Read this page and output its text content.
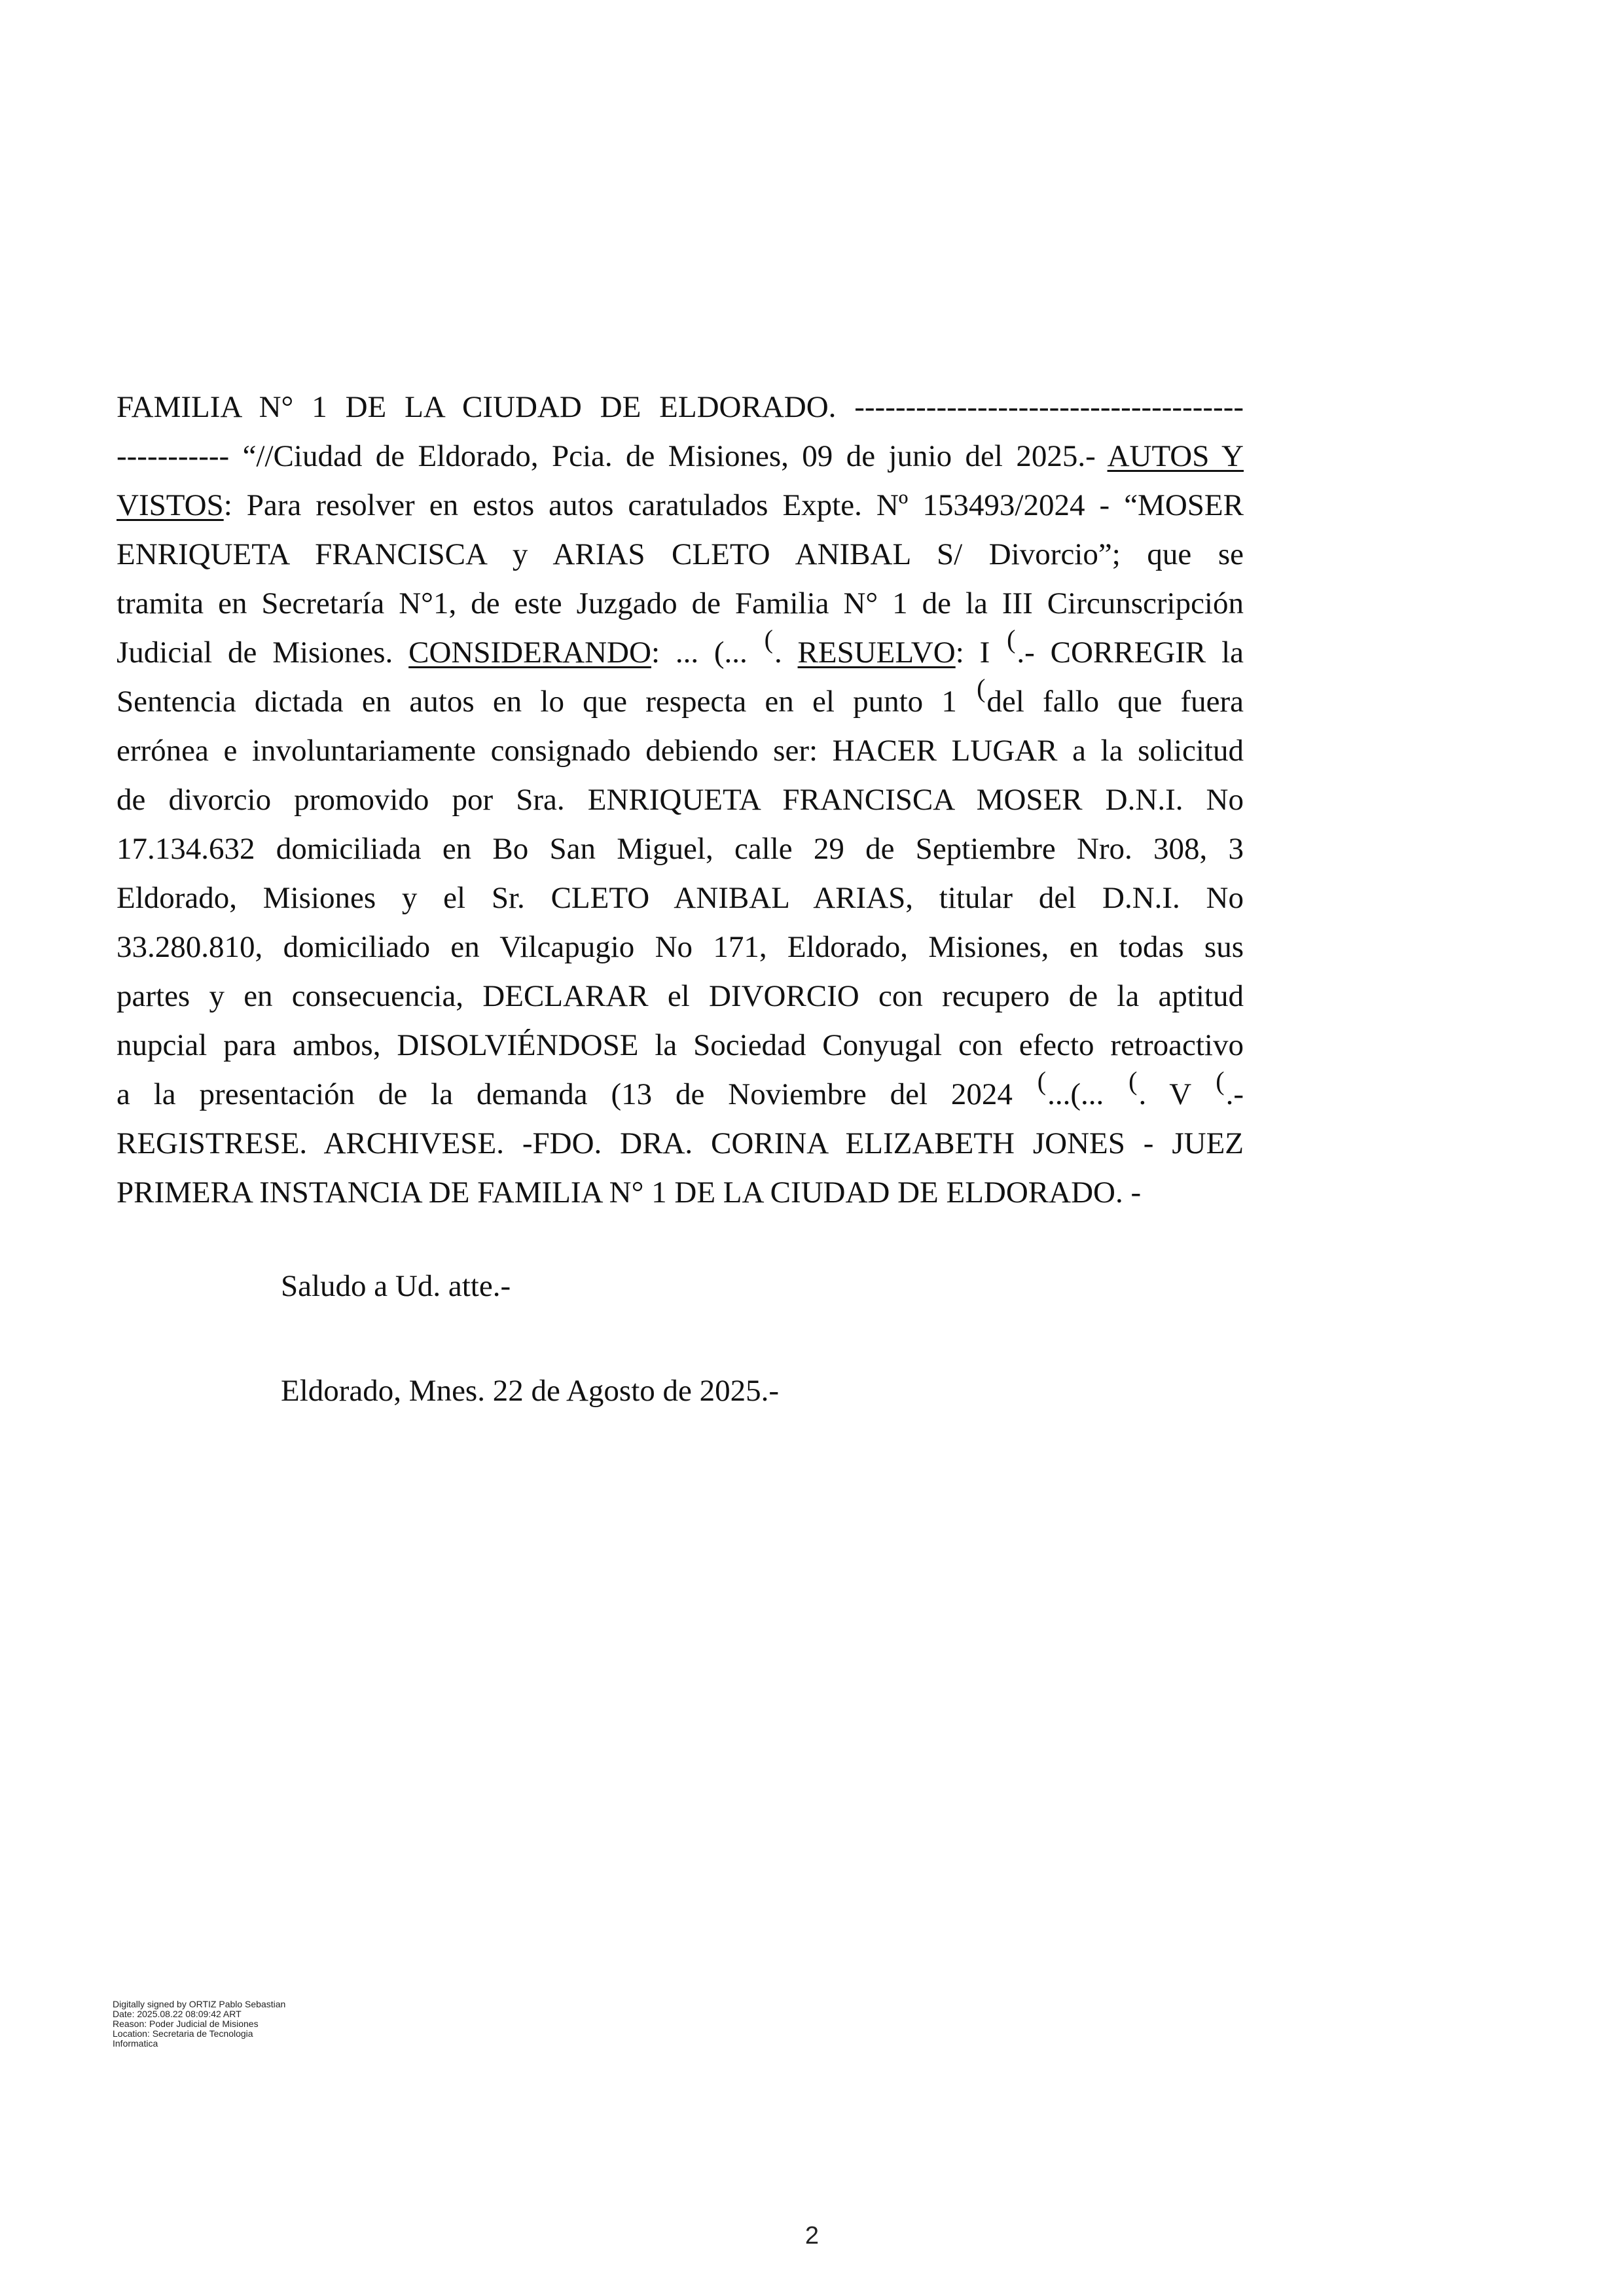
FAMILIA N° 1 DE LA CIUDAD DE ELDORADO. --------------------------------------
----------- “//Ciudad de Eldorado, Pcia. de Misiones, 09 de junio del 2025.- AUTOS Y
VISTOS: Para resolver en estos autos caratulados Expte. Nº 153493/2024 - “MOSER
ENRIQUETA FRANCISCA y ARIAS CLETO ANIBAL S/ Divorcio”; que se
tramita en Secretaría N°1, de este Juzgado de Familia N° 1 de la III Circunscripción
Judicial de Misiones. CONSIDERANDO: ... (... (. RESUELVO: I (.- CORREGIR la
Sentencia dictada en autos en lo que respecta en el punto 1 (del fallo que fuera
errónea e involuntariamente consignado debiendo ser: HACER LUGAR a la solicitud
de divorcio promovido por Sra. ENRIQUETA FRANCISCA MOSER D.N.I. No
17.134.632 domiciliada en Bo San Miguel, calle 29 de Septiembre Nro. 308, 3
Eldorado, Misiones y el Sr. CLETO ANIBAL ARIAS, titular del D.N.I. No
33.280.810, domiciliado en Vilcapugio No 171, Eldorado, Misiones, en todas sus
partes y en consecuencia, DECLARAR el DIVORCIO con recupero de la aptitud
nupcial para ambos, DISOLVIÉNDOSE la Sociedad Conyugal con efecto retroactivo
a la presentación de la demanda (13 de Noviembre del 2024 (...(... (. V (.-
REGISTRESE. ARCHIVESE. -FDO. DRA. CORINA ELIZABETH JONES - JUEZ
PRIMERA INSTANCIA DE FAMILIA N° 1 DE LA CIUDAD DE ELDORADO. -
Saludo a Ud. atte.-
Eldorado, Mnes. 22 de Agosto de 2025.-
Digitally signed by ORTIZ Pablo Sebastian
Date: 2025.08.22 08:09:42 ART
Reason: Poder Judicial de Misiones
Location: Secretaria de Tecnologia
Informatica
2
